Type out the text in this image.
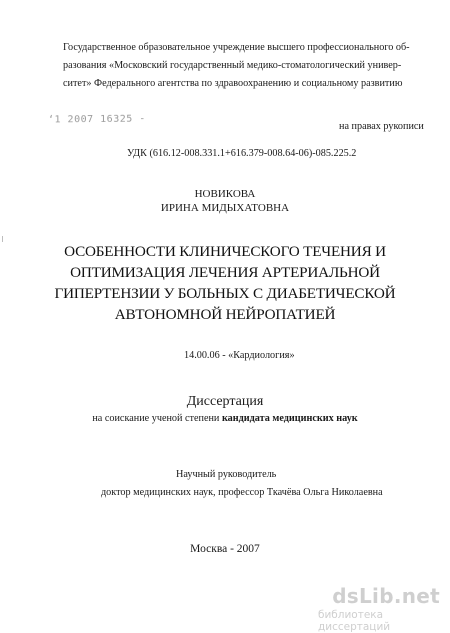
Государственное образовательное учреждение высшего профессионального об-
разования «Московский государственный медико-стоматологический универ-
ситет» Федерального агентства по здравоохранению и социальному развитию
‘1 2007 16325 -
на правах рукописи
УДК (616.12-008.331.1+616.379-008.64-06)-085.225.2
НОВИКОВА
ИРИНА МИДЫХАТОВНА
ОСОБЕННОСТИ КЛИНИЧЕСКОГО ТЕЧЕНИЯ И
ОПТИМИЗАЦИЯ ЛЕЧЕНИЯ АРТЕРИАЛЬНОЙ
ГИПЕРТЕНЗИИ У БОЛЬНЫХ С ДИАБЕТИЧЕСКОЙ
АВТОНОМНОЙ НЕЙРОПАТИЕЙ
14.00.06 - «Кардиология»
Диссертация
на соискание ученой степени кандидата медицинских наук
Научный руководитель
доктор медицинских наук, профессор Ткачёва Ольга Николаевна
Москва - 2007
dsLib.net
библиотека диссертаций
